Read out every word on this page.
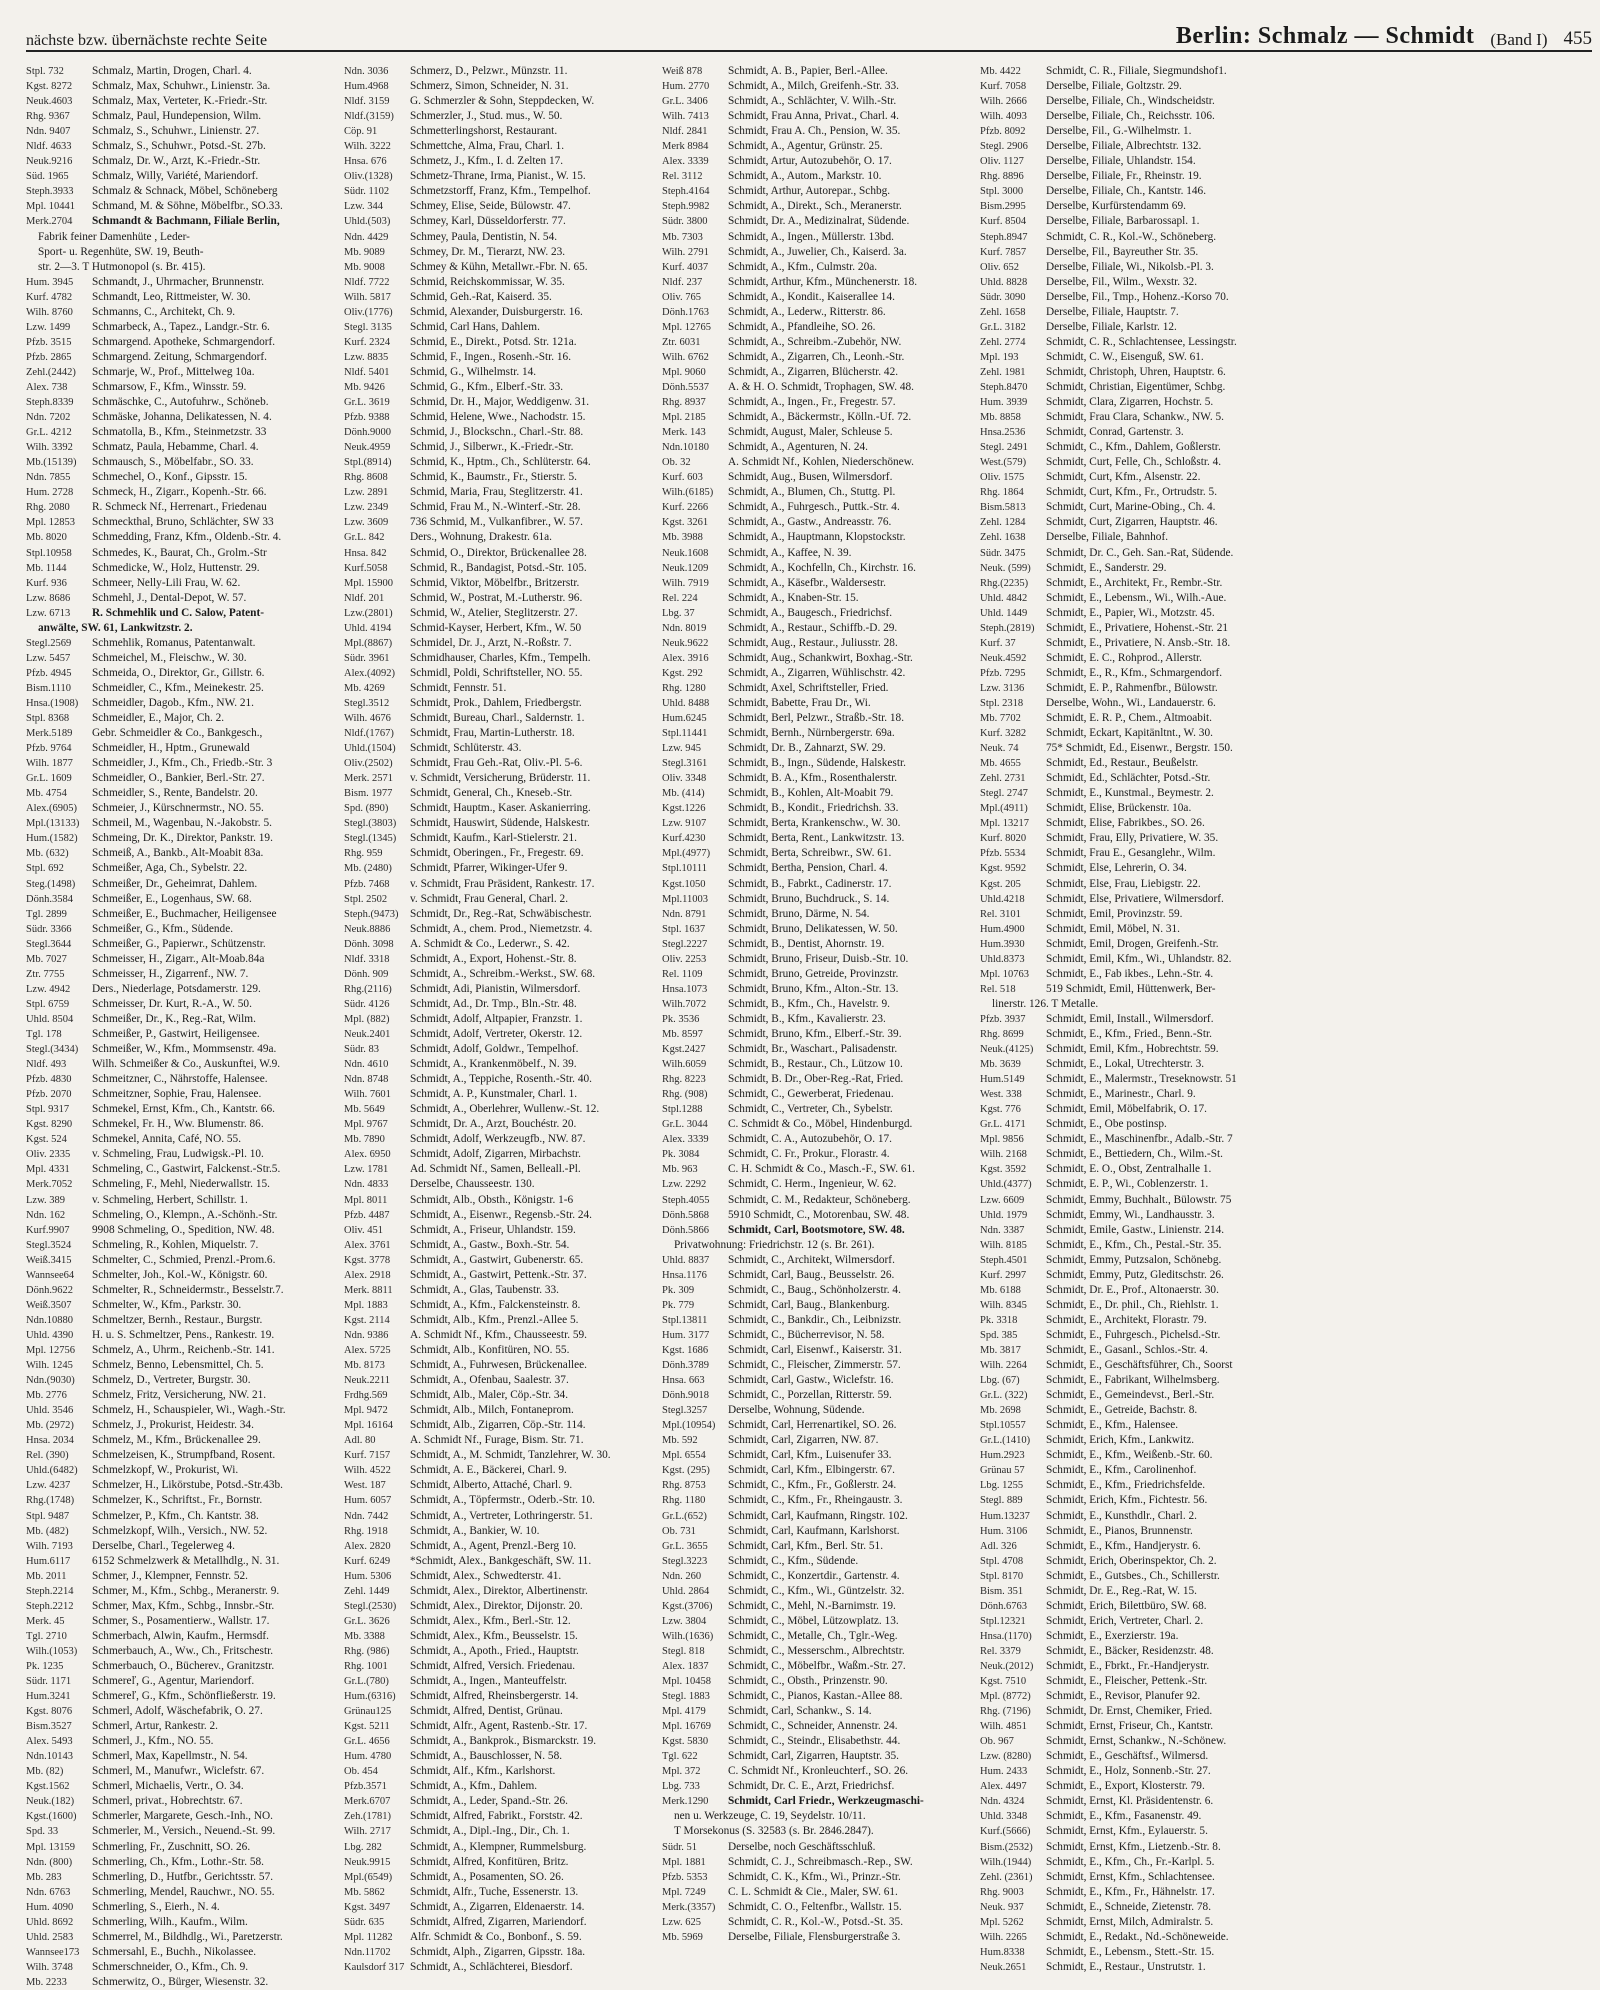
nächste bzw. übernächste rechte Seite	Berlin: Schmalz — Schmidt (Band I) 455
Stpl. 732 Schmalz, Martin, Drogen, Charl. 4.
Kgst. 8272 Schmalz, Max, Schuhwr., Linienstr. 3a.
Neuk.4603 Schmalz, Max, Verteter, K.-Friedr.-Str.
Rhg. 9367 Schmalz, Paul, Hundepension, Wilm.
Ndn. 9407 Schmalz, S., Schuhwr., Linienstr. 27.
Nldf. 4633 Schmalz, S., Schuhwr., Potsd.-St. 27b.
Neuk.9216 Schmalz, Dr. W., Arzt, K.-Friedr.-Str.
Süd. 1965 Schmalz, Willy, Variété, Mariendorf.
Steph.3933 Schmalz & Schnack, Möbel, Schöneberg
Mpl. 10441 Schmand, M. & Söhne, Möbelfbr., SO.33.
Merk.2704 Schmandt & Bachmann, Filiale Berlin,
Fabrik feiner Damenhüte , Leder-
Sport- u. Regenhüte, SW. 19, Beuth-
str. 2—3. T Hutmonopol (s. Br. 415).
Hum. 3945 Schmandt, J., Uhrmacher, Brunnenstr.
Kurf. 4782 Schmandt, Leo, Rittmeister, W. 30.
Wilh. 8760 Schmanns, C., Architekt, Ch. 9.
Lzw. 1499 Schmarbeck, A., Tapez., Landgr.-Str. 6.
Pfzb. 3515 Schmargend. Apotheke, Schmargendorf.
Pfzb. 2865 Schmargend. Zeitung, Schmargendorf.
Zehl.(2442) Schmarje, W., Prof., Mittelweg 10a.
Alex. 738 Schmarsow, F., Kfm., Winsstr. 59.
Steph.8339 Schmäschke, C., Autofuhrw., Schöneb.
Ndn. 7202 Schmäske, Johanna, Delikatessen, N. 4.
Gr.L. 4212 Schmatolla, B., Kfm., Steinmetzstr. 33
Wilh. 3392 Schmatz, Paula, Hebamme, Charl. 4.
Mb.(15139) Schmausch, S., Möbelfabr., SO. 33.
Ndn. 7855 Schmechel, O., Konf., Gipsstr. 15.
Hum. 2728 Schmeck, H., Zigarr., Kopenh.-Str. 66.
Rhg. 2080 R. Schmeck Nf., Herrenart., Friedenau
Mpl. 12853 Schmeckthal, Bruno, Schlächter, SW 33
Mb. 8020 Schmedding, Franz, Kfm., Oldenb.-Str. 4.
Stpl.10958 Schmedes, K., Baurat, Ch., Grolm.-Str
Mb. 1144 Schmedicke, W., Holz, Huttenstr. 29.
Kurf. 936 Schmeer, Nelly-Lili Frau, W. 62.
Lzw. 8686 Schmehl, J., Dental-Depot, W. 57.
Lzw. 6713 R. Schmehlik und C. Salow, Patent-
anwälte, SW. 61, Lankwitzstr. 2.
Stegl.2569 Schmehlik, Romanus, Patentanwalt.
Lzw. 5457 Schmeichel, M., Fleischw., W. 30.
Pfzb. 4945 Schmeida, O., Direktor, Gr., Gillstr. 6.
Bism.1110 Schmeidler, C., Kfm., Meinekestr. 25.
Hnsa.(1908) Schmeidler, Dagob., Kfm., NW. 21.
Stpl. 8368 Schmeidler, E., Major, Ch. 2.
Merk.5189 Gebr. Schmeidler & Co., Bankgesch.,
Pfzb. 9764 Schmeidler, H., Hptm., Grunewald
Wilh. 1877 Schmeidler, J., Kfm., Ch., Friedb.-Str. 3
Gr.L. 1609 Schmeidler, O., Bankier, Berl.-Str. 27.
Mb. 4754 Schmeidler, S., Rente, Bandelstr. 20.
Alex.(6905) Schmeier, J., Kürschnermstr., NO. 55.
Mpl.(13133) Schmeil, M., Wagenbau, N.-Jakobstr. 5.
Hum.(1582) Schmeing, Dr. K., Direktor, Pankstr. 19.
Mb. (632) Schmeiß, A., Bankb., Alt-Moabit 83a.
Stpl. 692 Schmeißer, Aga, Ch., Sybelstr. 22.
Steg.(1498) Schmeißer, Dr., Geheimrat, Dahlem.
Dönh.3584 Schmeißer, E., Logenhaus, SW. 68.
Tgl. 2899 Schmeißer, E., Buchmacher, Heiligensee
Südr. 3366 Schmeißer, G., Kfm., Südende.
Stegl.3644 Schmeißer, G., Papierwr., Schützenstr.
Mb. 7027 Schmeisser, H., Zigarr., Alt-Moab.84a
Ztr. 7755 Schmeisser, H., Zigarrenf., NW. 7.
Lzw. 4942 Ders., Niederlage, Potsdamerstr. 129.
Stpl. 6759 Schmeisser, Dr. Kurt, R.-A., W. 50.
Uhld. 8504 Schmeißer, Dr., K., Reg.-Rat, Wilm.
Tgl. 178	Schmeißer, P., Gastwirt, Heiligensee.
Stegl.(3434) Schmeißer, W., Kfm., Mommsenstr. 49a.
Nldf. 493 Wilh. Schmeißer & Co., Auskunftei, W.9.
Pfzb. 4830 Schmeitzner, C., Nährstoffe, Halensee.
Pfzb. 2070 Schmeitzner, Sophie, Frau, Halensee.
Stpl. 9317 Schmekel, Ernst, Kfm., Ch., Kantstr. 66.
Kgst. 8290 Schmekel, Fr. H., Ww. Blumenstr. 86.
Kgst. 524 Schmekel, Annita, Café, NO. 55.
Oliv. 2335 v. Schmeling, Frau, Ludwigsk.-Pl. 10.
Mpl. 4331 Schmeling, C., Gastwirt, Falckenst.-Str.5.
Merk.7052 Schmeling, F., Mehl, Niederwallstr. 15.
Lzw. 389 v. Schmeling, Herbert, Schillstr. 1.
Ndn. 162 Schmeling, O., Klempn., A.-Schönh.-Str.
Kurf.9907 9908 Schmeling, O., Spedition, NW. 48.
Stegl.3524 Schmeling, R., Kohlen, Miquelstr. 7.
Weiß.3415 Schmelter, C., Schmied, Prenzl.-Prom.6.
Wannsee64 Schmelter, Joh., Kol.-W., Königstr. 60.
Dönh.9622 Schmelter, R., Schneidermstr., Besselstr.7.
Weiß.3507 Schmelter, W., Kfm., Parkstr. 30.
Ndn.10880 Schmeltzer, Bernh., Restaur., Burgstr.
Uhld. 4390 H. u. S. Schmeltzer, Pens., Rankestr. 19.
Mpl. 12756 Schmelz, A., Uhrm., Reichenb.-Str. 141.
Wilh. 1245 Schmelz, Benno, Lebensmittel, Ch. 5.
Ndn.(9030) Schmelz, D., Vertreter, Burgstr. 30.
Mb. 2776 Schmelz, Fritz, Versicherung, NW. 21.
Uhld. 3546 Schmelz, H., Schauspieler, Wi., Wagh.-Str.
Mb. (2972) Schmelz, J., Prokurist, Heidestr. 34.
Hnsa. 2034 Schmelz, M., Kfm., Brückenallee 29.
Rel. (390) Schmelzeisen, K., Strumpfband, Rosent.
Uhld.(6482) Schmelzkopf, W., Prokurist, Wi.
Lzw. 4237 Schmelzer, H., Likörstube, Potsd.-Str.43b.
Rhg.(1748) Schmelzer, K., Schriftst., Fr., Bornstr.
Stpl. 9487 Schmelzer, P., Kfm., Ch. Kantstr. 38.
Mb. (482) Schmelzkopf, Wilh., Versich., NW. 52.
Wilh. 7193 Derselbe, Charl., Tegelerweg 4.
Hum.6117 6152 Schmelzwerk & Metallhdlg., N. 31.
Mb. 2011 Schmer, J., Klempner, Fennstr. 52.
Steph.2214 Schmer, M., Kfm., Schbg., Meranerstr. 9.
Steph.2212 Schmer, Max, Kfm., Schbg., Innsbr.-Str.
Merk. 45 Schmer, S., Posamentierw., Wallstr. 17.
Tgl. 2710 Schmerbach, Alwin, Kaufm., Hermsdf.
Wilh.(1053) Schmerbauch, A., Ww., Ch., Fritschestr.
Pk. 1235	Schmerbauch, O., Bücherev., Granitzstr.
Südr. 1171 Schmereľ, G., Agentur, Mariendorf.
Hum.3241 Schmereľ, G., Kfm., Schönfließerstr. 19.
Kgst. 8076 Schmerl, Adolf, Wäschefabrik, O. 27.
Bism.3527 Schmerl, Artur, Rankestr. 2.
Alex. 5493 Schmerl, J., Kfm., NO. 55.
Ndn.10143 Schmerl, Max, Kapellmstr., N. 54.
Mb. (82)	Schmerl, M., Manufwr., Wiclefstr. 67.
Kgst.1562 Schmerl, Michaelis, Vertr., O. 34.
Neuk.(182) Schmerl, privat., Hobrechtstr. 67.
Kgst.(1600) Schmerler, Margarete, Gesch.-Inh., NO.
Spd. 33	Schmerler, M., Versich., Neuend.-St. 99.
Mpl. 13159 Schmerling, Fr., Zuschnitt, SO. 26.
Ndn. (800) Schmerling, Ch., Kfm., Lothr.-Str. 58.
Mb. 283	Schmerling, D., Hutfbr., Gerichtsstr. 57.
Ndn. 6763 Schmerling, Mendel, Rauchwr., NO. 55.
Hum. 4090 Schmerling, S., Eierh., N. 4.
Uhld. 8692 Schmerling, Wilh., Kaufm., Wilm.
Uhld. 2583 Schmerrel, M., Bildhdlg., Wi., Paretzerstr.
Wannsee173 Schmersahl, E., Buchh., Nikolassee.
Wilh. 3748 Schmerschneider, O., Kfm., Ch. 9.
Mb. 2233 Schmerwitz, O., Bürger, Wiesenstr. 32.
Ndn. 3036 Schmerz, D., Pelzwr., Münzstr. 11.
Hum.4968 Schmerz, Simon, Schneider, N. 31.
Nldf. 3159 G. Schmerzler & Sohn, Steppdecken, W.
Nldf.(3159) Schmerzler, J., Stud. mus., W. 50.
Cöp. 91	Schmetterlingshorst, Restaurant.
Wilh. 3222 Schmettche, Alma, Frau, Charl. 1.
Hnsa. 676 Schmetz, J., Kfm., I. d. Zelten 17.
Oliv.(1328) Schmetz-Thrane, Irma, Pianist., W. 15.
Südr. 1102 Schmetzstorff, Franz, Kfm., Tempelhof.
Lzw. 344 Schmey, Elise, Seide, Bülowstr. 47.
Uhld.(503) Schmey, Karl, Düsseldorferstr. 77.
Ndn. 4429 Schmey, Paula, Dentistin, N. 54.
Mb. 9089 Schmey, Dr. M., Tierarzt, NW. 23.
Mb. 9008 Schmey & Kühn, Metallwr.-Fbr. N. 65.
Nldf. 7722 Schmid, Reichskommissar, W. 35.
Wilh. 5817 Schmid, Geh.-Rat, Kaiserd. 35.
Oliv.(1776) Schmid, Alexander, Duisburgerstr. 16.
Stegl. 3135 Schmid, Carl Hans, Dahlem.
Kurf. 2324 Schmid, E., Direkt., Potsd. Str. 121a.
Lzw. 8835 Schmid, F., Ingen., Rosenh.-Str. 16.
Nldf. 5401 Schmid, G., Wilhelmstr. 14.
Mb. 9426 Schmid, G., Kfm., Elberf.-Str. 33.
Gr.L. 3619 Schmid, Dr. H., Major, Weddigenw. 31.
Pfzb. 9388 Schmid, Helene, Wwe., Nachodstr. 15.
Dönh.9000 Schmid, J., Blockschn., Charl.-Str. 88.
Neuk.4959 Schmid, J., Silberwr., K.-Friedr.-Str.
Stpl.(8914) Schmid, K., Hptm., Ch., Schlüterstr. 64.
Rhg. 8608 Schmid, K., Baumstr., Fr., Stierstr. 5.
Lzw. 2891 Schmid, Maria, Frau, Steglitzerstr. 41.
Lzw. 2349 Schmid, Frau M., N.-Winterf.-Str. 28.
Lzw. 3609 736 Schmid, M., Vulkanfibrer., W. 57.
Gr.L. 842 Ders., Wohnung, Drakestr. 61a.
Hnsa. 842 Schmid, O., Direktor, Brückenallee 28.
Kurf.5058 Schmid, R., Bandagist, Potsd.-Str. 105.
Mpl. 15900 Schmid, Viktor, Möbelfbr., Britzerstr.
Nldf. 201 Schmid, W., Postrat, M.-Lutherstr. 96.
Lzw.(2801) Schmid, W., Atelier, Steglitzerstr. 27.
Uhld. 4194 Schmid-Kayser, Herbert, Kfm., W. 50
Mpl.(8867) Schmidel, Dr. J., Arzt, N.-Roßstr. 7.
Südr. 3961 Schmidhauser, Charles, Kfm., Tempelh.
Alex.(4092) Schmidl, Poldi, Schriftsteller, NO. 55.
Mb. 4269 Schmidt, Fennstr. 51.
Stegl.3512 Schmidt, Prok., Dahlem, Friedbergstr.
Wilh. 4676 Schmidt, Bureau, Charl., Saldernstr. 1.
Nldf.(1767) Schmidt, Frau, Martin-Lutherstr. 18.
Uhld.(1504) Schmidt, Schlüterstr. 43.
Oliv.(2502) Schmidt, Frau Geh.-Rat, Oliv.-Pl. 5-6.
Merk. 2571 v. Schmidt, Versicherung, Brüderstr. 11.
Bism. 1977 Schmidt, General, Ch., Kneseb.-Str.
Spd. (890) Schmidt, Hauptm., Kaser. Askanierring.
Stegl.(3803) Schmidt, Hauswirt, Südende, Halskestr.
Stegl.(1345) Schmidt, Kaufm., Karl-Stielerstr. 21.
Rhg. 959 Schmidt, Oberingen., Fr., Fregestr. 69.
Mb. (2480) Schmidt, Pfarrer, Wikinger-Ufer 9.
Pfzb. 7468 v. Schmidt, Frau Präsident, Rankestr. 17.
Stpl. 2502 v. Schmidt, Frau General, Charl. 2.
Steph.(9473) Schmidt, Dr., Reg.-Rat, Schwäbischestr.
Neuk.8886 Schmidt, A., chem. Prod., Niemetzstr. 4.
Dönh. 3098 A. Schmidt & Co., Lederwr., S. 42.
Nldf. 3318 Schmidt, A., Export, Hohenst.-Str. 8.
Dönh. 909 Schmidt, A., Schreibm.-Werkst., SW. 68.
Rhg.(2116) Schmidt, Adi, Pianistin, Wilmersdorf.
Südr. 4126 Schmidt, Ad., Dr. Tmp., Bln.-Str. 48.
Mpl. (882) Schmidt, Adolf, Altpapier, Franzstr. 1.
Neuk.2401 Schmidt, Adolf, Vertreter, Okerstr. 12.
Südr. 83	Schmidt, Adolf, Goldwr., Tempelhof.
Ndn. 4610 Schmidt, A., Krankenmöbelf., N. 39.
Ndn. 8748 Schmidt, A., Teppiche, Rosenth.-Str. 40.
Wilh. 7601 Schmidt, A. P., Kunstmaler, Charl. 1.
Mb. 5649 Schmidt, A., Oberlehrer, Wullenw.-St. 12.
Mpl. 9767 Schmidt, Dr. A., Arzt, Bouchéstr. 20.
Mb. 7890 Schmidt, Adolf, Werkzeugfb., NW. 87.
Alex. 6950 Schmidt, Adolf, Zigarren, Mirbachstr.
Lzw. 1781 Ad. Schmidt Nf., Samen, Belleall.-Pl.
Ndn. 4833 Derselbe, Chausseestr. 130.
Mpl. 8011 Schmidt, Alb., Obsth., Königstr. 1-6
Pfzb. 4487 Schmidt, A., Eisenwr., Regensb.-Str. 24.
Oliv. 451 Schmidt, A., Friseur, Uhlandstr. 159.
Alex. 3761 Schmidt, A., Gastw., Boxh.-Str. 54.
Kgst. 3778 Schmidt, A., Gastwirt, Gubenerstr. 65.
Alex. 2918 Schmidt, A., Gastwirt, Pettenk.-Str. 37.
Merk. 8811 Schmidt, A., Glas, Taubenstr. 33.
Mpl. 1883 Schmidt, A., Kfm., Falckensteinstr. 8.
Kgst. 2114 Schmidt, Alb., Kfm., Prenzl.-Allee 5.
Ndn. 9386 A. Schmidt Nf., Kfm., Chausseestr. 59.
Alex. 5725 Schmidt, Alb., Konfitüren, NO. 55.
Mb. 8173 Schmidt, A., Fuhrwesen, Brückenallee.
Neuk.2211 Schmidt, A., Ofenbau, Saalestr. 37.
Frdhg.569 Schmidt, Alb., Maler, Cöp.-Str. 34.
Mpl. 9472 Schmidt, Alb., Milch, Fontaneprom.
Mpl. 16164 Schmidt, Alb., Zigarren, Cöp.-Str. 114.
Adl. 80	A. Schmidt Nf., Furage, Bism. Str. 71.
Kurf. 7157 Schmidt, A., M. Schmidt, Tanzlehrer, W. 30.
Wilh. 4522 Schmidt, A. E., Bäckerei, Charl. 9.
West. 187 Schmidt, Alberto, Attaché, Charl. 9.
Hum. 6057 Schmidt, A., Töpfermstr., Oderb.-Str. 10.
Ndn. 7442 Schmidt, A., Vertreter, Lothringerstr. 51.
Rhg. 1918 Schmidt, A., Bankier, W. 10.
Alex. 2820 Schmidt, A., Agent, Prenzl.-Berg 10.
Kurf. 6249 *Schmidt, Alex., Bankgeschäft, SW. 11.
Hum. 5306 Schmidt, Alex., Schwedterstr. 41.
Zehl. 1449 Schmidt, Alex., Direktor, Albertinenstr.
Stegl.(2530) Schmidt, Alex., Direktor, Dijonstr. 20.
Gr.L. 3626 Schmidt, Alex., Kfm., Berl.-Str. 12.
Mb. 3388 Schmidt, Alex., Kfm., Beusselstr. 15.
Rhg. (986) Schmidt, A., Apoth., Fried., Hauptstr.
Rhg. 1001 Schmidt, Alfred, Versich. Friedenau.
Gr.L.(780) Schmidt, A., Ingen., Manteuffelstr.
Hum.(6316) Schmidt, Alfred, Rheinsbergerstr. 14.
Grünau125 Schmidt, Alfred, Dentist, Grünau.
Kgst. 5211 Schmidt, Alfr., Agent, Rastenb.-Str. 17.
Gr.L. 4656 Schmidt, A., Bankprok., Bismarckstr. 19.
Hum. 4780 Schmidt, A., Bauschlosser, N. 58.
Ob. 454	Schmidt, Alf., Kfm., Karlshorst.
Pfzb.3571 Schmidt, A., Kfm., Dahlem.
Merk.6707 Schmidt, A., Leder, Spand.-Str. 26.
Zeh.(1781) Schmidt, Alfred, Fabrikt., Forststr. 42.
Wilh. 2717 Schmidt, A., Dipl.-Ing., Dir., Ch. 1.
Lbg. 282 Schmidt, A., Klempner, Rummelsburg.
Neuk.9915 Schmidt, Alfred, Konfitüren, Britz.
Mpl.(6549) Schmidt, A., Posamenten, SO. 26.
Mb. 5862 Schmidt, Alfr., Tuche, Essenerstr. 13.
Kgst. 3497 Schmidt, A., Zigarren, Eldenaerstr. 14.
Südr. 635 Schmidt, Alfred, Zigarren, Mariendorf.
Mpl. 11282 Alfr. Schmidt & Co., Bonbonf., S. 59.
Ndn.11702 Schmidt, Alph., Zigarren, Gipsstr. 18a.
Kaulsdorf 317 Schmidt, A., Schlächterei, Biesdorf.
Weiß 878 Schmidt, A. B., Papier, Berl.-Allee.
Hum. 2770 Schmidt, A., Milch, Greifenh.-Str. 33.
Gr.L. 3406 Schmidt, A., Schlächter, V. Wilh.-Str.
Wilh. 7413 Schmidt, Frau Anna, Privat., Charl. 4.
Nldf. 2841 Schmidt, Frau A. Ch., Pension, W. 35.
Merk 8984 Schmidt, A., Agentur, Grünstr. 25.
Alex. 3339 Schmidt, Artur, Autozubehör, O. 17.
Rel. 3112 Schmidt, A., Autom., Markstr. 10.
Steph.4164 Schmidt, Arthur, Autorepar., Schbg.
Steph.9982 Schmidt, A., Direkt., Sch., Meranerstr.
Südr. 3800 Schmidt, Dr. A., Medizinalrat, Südende.
Mb. 7303 Schmidt, A., Ingen., Müllerstr. 13bd.
Wilh. 2791 Schmidt, A., Juwelier, Ch., Kaiserd. 3a.
Kurf. 4037 Schmidt, A., Kfm., Culmstr. 20a.
Nldf. 237 Schmidt, Arthur, Kfm., Münchenerstr. 18.
Oliv. 765 Schmidt, A., Kondit., Kaiserallee 14.
Dönh.1763 Schmidt, A., Lederw., Ritterstr. 86.
Mpl. 12765 Schmidt, A., Pfandleihe, SO. 26.
Ztr. 6031 Schmidt, A., Schreibm.-Zubehör, NW.
Wilh. 6762 Schmidt, A., Zigarren, Ch., Leonh.-Str.
Mpl. 9060 Schmidt, A., Zigarren, Blücherstr. 42.
Dönh.5537 A. & H. O. Schmidt, Trophagen, SW. 48.
Rhg. 8937 Schmidt, A., Ingen., Fr., Fregestr. 57.
Mpl. 2185 Schmidt, A., Bäckermstr., Kölln.-Uf. 72.
Merk. 143 Schmidt, August, Maler, Schleuse 5.
Ndn.10180 Schmidt, A., Agenturen, N. 24.
Ob. 32	A. Schmidt Nf., Kohlen, Niederschönew.
Kurf. 603 Schmidt, Aug., Busen, Wilmersdorf.
Wilh.(6185) Schmidt, A., Blumen, Ch., Stuttg. Pl.
Kurf. 2266 Schmidt, A., Fuhrgesch., Puttk.-Str. 4.
Kgst. 3261 Schmidt, A., Gastw., Andreasstr. 76.
Mb. 3988 Schmidt, A., Hauptmann, Klopstockstr.
Neuk.1608 Schmidt, A., Kaffee, N. 39.
Neuk.1209 Schmidt, A., Kochfelln, Ch., Kirchstr. 16.
Wilh. 7919 Schmidt, A., Käsefbr., Waldersestr.
Rel. 224	Schmidt, A., Knaben-Str. 15.
Lbg. 37	Schmidt, A., Baugesch., Friedrichsf.
Ndn. 8019 Schmidt, A., Restaur., Schiffb.-D. 29.
Neuk.9622 Schmidt, Aug., Restaur., Juliusstr. 28.
Alex. 3916 Schmidt, Aug., Schankwirt, Boxhag.-Str.
Kgst. 292 Schmidt, A., Zigarren, Wühlischstr. 42.
Rhg. 1280 Schmidt, Axel, Schriftsteller, Fried.
Uhld. 8488 Schmidt, Babette, Frau Dr., Wi.
Hum.6245 Schmidt, Berl, Pelzwr., Straßb.-Str. 18.
Stpl.11441 Schmidt, Bernh., Nürnbergerstr. 69a.
Lzw. 945 Schmidt, Dr. B., Zahnarzt, SW. 29.
Stegl.3161 Schmidt, B., Ingn., Südende, Halskestr.
Oliv. 3348 Schmidt, B. A., Kfm., Rosenthalerstr.
Mb. (414) Schmidt, B., Kohlen, Alt-Moabit 79.
Kgst.1226 Schmidt, B., Kondit., Friedrichsh. 33.
Lzw. 9107 Schmidt, Berta, Krankenschw., W. 30.
Kurf.4230 Schmidt, Berta, Rent., Lankwitzstr. 13.
Mpl.(4977) Schmidt, Berta, Schreibwr., SW. 61.
Stpl.10111 Schmidt, Bertha, Pension, Charl. 4.
Kgst.1050 Schmidt, B., Fabrkt., Cadinerstr. 17.
Mpl.11003 Schmidt, Bruno, Buchdruck., S. 14.
Ndn. 8791 Schmidt, Bruno, Därme, N. 54.
Stpl. 1637 Schmidt, Bruno, Delikatessen, W. 50.
Stegl.2227 Schmidt, B., Dentist, Ahornstr. 19.
Oliv. 2253 Schmidt, Bruno, Friseur, Duisb.-Str. 10.
Rel. 1109 Schmidt, Bruno, Getreide, Provinzstr.
Hnsa.1073 Schmidt, Bruno, Kfm., Alton.-Str. 13.
Wilh.7072 Schmidt, B., Kfm., Ch., Havelstr. 9.
Pk. 3536	Schmidt, B., Kfm., Kavalierstr. 23.
Mb. 8597 Schmidt, Bruno, Kfm., Elberf.-Str. 39.
Kgst.2427 Schmidt, Br., Waschart., Palisadenstr.
Wilh.6059 Schmidt, B., Restaur., Ch., Lützow 10.
Rhg. 8223 Schmidt, B. Dr., Ober-Reg.-Rat, Fried.
Rhg. (908) Schmidt, C., Gewerberat, Friedenau.
Stpl.1288 Schmidt, C., Vertreter, Ch., Sybelstr.
Gr.L. 3044 C. Schmidt & Co., Möbel, Hindenburgd.
Alex. 3339 Schmidt, C. A., Autozubehör, O. 17.
Pk. 3084	Schmidt, C. Fr., Prokur., Florastr. 4.
Mb. 963	C. H. Schmidt & Co., Masch.-F., SW. 61.
Lzw. 2292 Schmidt, C. Herm., Ingenieur, W. 62.
Steph.4055 Schmidt, C. M., Redakteur, Schöneberg.
Dönh.5868 5910 Schmidt, C., Motorenbau, SW. 48.
Dönh.5866 Schmidt, Carl, Bootsmotore, SW. 48.
Privatwohnung: Friedrichstr. 12 (s. Br. 261).
Uhld. 8837 Schmidt, C., Architekt, Wilmersdorf.
Hnsa.1176 Schmidt, Carl, Baug., Beusselstr. 26.
Pk. 309	Schmidt, C., Baug., Schönholzerstr. 4.
Pk. 779	Schmidt, Carl, Baug., Blankenburg.
Stpl.13811 Schmidt, C., Bankdir., Ch., Leibnizstr.
Hum. 3177 Schmidt, C., Bücherrevisor, N. 58.
Kgst. 1686 Schmidt, Carl, Eisenwf., Kaiserstr. 31.
Dönh.3789 Schmidt, C., Fleischer, Zimmerstr. 57.
Hnsa. 663 Schmidt, Carl, Gastw., Wiclefstr. 16.
Dönh.9018 Schmidt, C., Porzellan, Ritterstr. 59.
Stegl.3257 Derselbe, Wohnung, Südende.
Mpl.(10954) Schmidt, Carl, Herrenartikel, SO. 26.
Mb. 592	Schmidt, Carl, Zigarren, NW. 87.
Mpl. 6554 Schmidt, Carl, Kfm., Luisenufer 33.
Kgst. (295) Schmidt, Carl, Kfm., Elbingerstr. 67.
Rhg. 8753 Schmidt, C., Kfm., Fr., Goßlerstr. 24.
Rhg. 1180 Schmidt, C., Kfm., Fr., Rheingaustr. 3.
Gr.L.(652) Schmidt, Carl, Kaufmann, Ringstr. 102.
Ob. 731	Schmidt, Carl, Kaufmann, Karlshorst.
Gr.L. 3655 Schmidt, Carl, Kfm., Berl. Str. 51.
Stegl.3223 Schmidt, C., Kfm., Südende.
Ndn. 260 Schmidt, C., Konzertdir., Gartenstr. 4.
Uhld. 2864 Schmidt, C., Kfm., Wi., Güntzelstr. 32.
Kgst.(3706) Schmidt, C., Mehl, N.-Barnimstr. 19.
Lzw. 3804 Schmidt, C., Möbel, Lützowplatz. 13.
Wilh.(1636) Schmidt, C., Metalle, Ch., Tglr.-Weg.
Stegl. 818 Schmidt, C., Messerschm., Albrechtstr.
Alex. 1837 Schmidt, C., Möbelfbr., Waßm.-Str. 27.
Mpl. 10458 Schmidt, C., Obsth., Prinzenstr. 90.
Stegl. 1883 Schmidt, C., Pianos, Kastan.-Allee 88.
Mpl. 4179 Schmidt, Carl, Schankw., S. 14.
Mpl. 16769 Schmidt, C., Schneider, Annenstr. 24.
Kgst. 5830 Schmidt, C., Steindr., Elisabethstr. 44.
Tgl. 622	Schmidt, Carl, Zigarren, Hauptstr. 35.
Mpl. 372 C. Schmidt Nf., Kronleuchterf., SO. 26.
Lbg. 733 Schmidt, Dr. C. E., Arzt, Friedrichsf.
Merk.1290 Schmidt, Carl Friedr., Werkzeugmaschi-
nen u. Werkzeuge, C. 19, Seydelstr. 10/11.
T Morsekonus (S. 32583 (s. Br. 2846.2847).
Südr. 51	Derselbe, noch Geschäftsschluß.
Mpl. 1881 Schmidt, C. J., Schreibmasch.-Rep., SW.
Pfzb. 5353 Schmidt, C. K., Kfm., Wi., Prinzr.-Str.
Mpl. 7249 C. L. Schmidt & Cie., Maler, SW. 61.
Merk.(3357) Schmidt, C. O., Feltenfbr., Wallstr. 15.
Lzw. 625 Schmidt, C. R., Kol.-W., Potsd.-St. 35.
Mb. 5969 Derselbe, Filiale, Flensburgerstraße 3.
Mb. 4422 Schmidt, C. R., Filiale, Siegmundshof1.
Kurf. 7058 Derselbe, Filiale, Goltzstr. 29.
Wilh. 2666 Derselbe, Filiale, Ch., Windscheidstr.
Wilh. 4093 Derselbe, Filiale, Ch., Reichsstr. 106.
Pfzb. 8092 Derselbe, Fil., G.-Wilhelmstr. 1.
Stegl. 2906 Derselbe, Filiale, Albrechtstr. 132.
Oliv. 1127 Derselbe, Filiale, Uhlandstr. 154.
Rhg. 8896 Derselbe, Filiale, Fr., Rheinstr. 19.
Stpl. 3000 Derselbe, Filiale, Ch., Kantstr. 146.
Bism.2995 Derselbe, Kurfürstendamm 69.
Kurf. 8504 Derselbe, Filiale, Barbarossapl. 1.
Steph.8947 Schmidt, C. R., Kol.-W., Schöneberg.
Kurf. 7857 Derselbe, Fil., Bayreuther Str. 35.
Oliv. 652 Derselbe, Filiale, Wi., Nikolsb.-Pl. 3.
Uhld. 8828 Derselbe, Fil., Wilm., Wexstr. 32.
Südr. 3090 Derselbe, Fil., Tmp., Hohenz.-Korso 70.
Zehl. 1658 Derselbe, Filiale, Hauptstr. 7.
Gr.L. 3182 Derselbe, Filiale, Karlstr. 12.
Zehl. 2774 Schmidt, C. R., Schlachtensee, Lessingstr.
Mpl. 193 Schmidt, C. W., Eisenguß, SW. 61.
Zehl. 1981 Schmidt, Christoph, Uhren, Hauptstr. 6.
Steph.8470 Schmidt, Christian, Eigentümer, Schbg.
Hum. 3939 Schmidt, Clara, Zigarren, Hochstr. 5.
Mb. 8858 Schmidt, Frau Clara, Schankw., NW. 5.
Hnsa.2536 Schmidt, Conrad, Gartenstr. 3.
Stegl. 2491 Schmidt, C., Kfm., Dahlem, Goßlerstr.
West.(579) Schmidt, Curt, Felle, Ch., Schloßstr. 4.
Oliv. 1575 Schmidt, Curt, Kfm., Alsenstr. 22.
Rhg. 1864 Schmidt, Curt, Kfm., Fr., Ortrudstr. 5.
Bism.5813 Schmidt, Curt, Marine-Obing., Ch. 4.
Zehl. 1284 Schmidt, Curt, Zigarren, Hauptstr. 46.
Zehl. 1638 Derselbe, Filiale, Bahnhof.
Südr. 3475 Schmidt, Dr. C., Geh. San.-Rat, Südende.
Neuk. (599) Schmidt, E., Sanderstr. 29.
Rhg.(2235) Schmidt, E., Architekt, Fr., Rembr.-Str.
Uhld. 4842 Schmidt, E., Lebensm., Wi., Wilh.-Aue.
Uhld. 1449 Schmidt, E., Papier, Wi., Motzstr. 45.
Steph.(2819) Schmidt, E., Privatiere, Hohenst.-Str. 21
Kurf. 37	Schmidt, E., Privatiere, N. Ansb.-Str. 18.
Neuk.4592 Schmidt, E. C., Rohprod., Allerstr.
Pfzb. 7295 Schmidt, E., R., Kfm., Schmargendorf.
Lzw. 3136 Schmidt, E. P., Rahmenfbr., Bülowstr.
Stpl. 2318 Derselbe, Wohn., Wi., Landauerstr. 6.
Mb. 7702 Schmidt, E. R. P., Chem., Altmoabit.
Kurf. 3282 Schmidt, Eckart, Kapitänltnt., W. 30.
Neuk. 74 75* Schmidt, Ed., Eisenwr., Bergstr. 150.
Mb. 4655 Schmidt, Ed., Restaur., Beußelstr.
Zehl. 2731 Schmidt, Ed., Schlächter, Potsd.-Str.
Stegl. 2747 Schmidt, E., Kunstmal., Beymestr. 2.
Mpl.(4911) Schmidt, Elise, Brückenstr. 10a.
Mpl. 13217 Schmidt, Elise, Fabrikbes., SO. 26.
Kurf. 8020 Schmidt, Frau, Elly, Privatiere, W. 35.
Pfzb. 5534 Schmidt, Frau E., Gesanglehr., Wilm.
Kgst. 9592 Schmidt, Else, Lehrerin, O. 34.
Kgst. 205 Schmidt, Else, Frau, Liebigstr. 22.
Uhld.4218 Schmidt, Else, Privatiere, Wilmersdorf.
Rel. 3101 Schmidt, Emil, Provinzstr. 59.
Hum.4900 Schmidt, Emil, Möbel, N. 31.
Hum.3930 Schmidt, Emil, Drogen, Greifenh.-Str.
Uhld.8373 Schmidt, Emil, Kfm., Wi., Uhlandstr. 82.
Mpl. 10763 Schmidt, E., Fab ikbes., Lehn.-Str. 4.
Rel. 518	519 Schmidt, Emil, Hüttenwerk, Ber-
linerstr. 126. T Metalle.
Pfzb. 3937 Schmidt, Emil, Install., Wilmersdorf.
Rhg. 8699 Schmidt, E., Kfm., Fried., Benn.-Str.
Neuk.(4125) Schmidt, Emil, Kfm., Hobrechtstr. 59.
Mb. 3639 Schmidt, E., Lokal, Utrechterstr. 3.
Hum.5149 Schmidt, E., Malermstr., Treseknowstr. 51
West. 338 Schmidt, E., Marinestr., Charl. 9.
Kgst. 776 Schmidt, Emil, Möbelfabrik, O. 17.
Gr.L. 4171 Schmidt, E., Obe postinsp.
Mpl. 9856 Schmidt, E., Maschinenfbr., Adalb.-Str. 7
Wilh. 2168 Schmidt, E., Bettiedern, Ch., Wilm.-St.
Kgst. 3592 Schmidt, E. O., Obst, Zentralhalle 1.
Uhld.(4377) Schmidt, E. P., Wi., Coblenzerstr. 1.
Lzw. 6609 Schmidt, Emmy, Buchhalt., Bülowstr. 75
Uhld. 1979 Schmidt, Emmy, Wi., Landhausstr. 3.
Ndn. 3387 Schmidt, Emile, Gastw., Linienstr. 214.
Wilh. 8185 Schmidt, E., Kfm., Ch., Pestal.-Str. 35.
Steph.4501 Schmidt, Emmy, Putzsalon, Schönebg.
Kurf. 2997 Schmidt, Emmy, Putz, Gleditschstr. 26.
Mb. 6188 Schmidt, Dr. E., Prof., Altonaerstr. 30.
Wilh. 8345 Schmidt, E., Dr. phil., Ch., Riehlstr. 1.
Pk. 3318	Schmidt, E., Architekt, Florastr. 79.
Spd. 385	Schmidt, E., Fuhrgesch., Pichelsd.-Str.
Mb. 3817 Schmidt, E., Gasanl., Schlos.-Str. 4.
Wilh. 2264 Schmidt, E., Geschäftsführer, Ch., Soorst
Lbg. (67) Schmidt, E., Fabrikant, Wilhelmsberg.
Gr.L. (322) Schmidt, E., Gemeindevst., Berl.-Str.
Mb. 2698 Schmidt, E., Getreide, Bachstr. 8.
Stpl.10557 Schmidt, E., Kfm., Halensee.
Gr.L.(1410) Schmidt, Erich, Kfm., Lankwitz.
Hum.2923 Schmidt, E., Kfm., Weißenb.-Str. 60.
Grünau 57 Schmidt, E., Kfm., Carolinenhof.
Lbg. 1255 Schmidt, E., Kfm., Friedrichsfelde.
Stegl. 889 Schmidt, Erich, Kfm., Fichtestr. 56.
Hum.13237 Schmidt, E., Kunsthdlr., Charl. 2.
Hum. 3106 Schmidt, E., Pianos, Brunnenstr.
Adl. 326	Schmidt, E., Kfm., Handjerystr. 6.
Stpl. 4708 Schmidt, Erich, Oberinspektor, Ch. 2.
Stpl. 8170 Schmidt, E., Gutsbes., Ch., Schillerstr.
Bism. 351 Schmidt, Dr. E., Reg.-Rat, W. 15.
Dönh.6763 Schmidt, Erich, Bilettbüro, SW. 68.
Stpl.12321 Schmidt, Erich, Vertreter, Charl. 2.
Hnsa.(1170) Schmidt, E., Exerzierstr. 19a.
Rel. 3379 Schmidt, E., Bäcker, Residenzstr. 48.
Neuk.(2012) Schmidt, E., Fbrkt., Fr.-Handjerystr.
Kgst. 7510 Schmidt, E., Fleischer, Pettenk.-Str.
Mpl. (8772) Schmidt, E., Revisor, Planufer 92.
Rhg. (7196) Schmidt, Dr. Ernst, Chemiker, Fried.
Wilh. 4851 Schmidt, Ernst, Friseur, Ch., Kantstr.
Ob. 967	Schmidt, Ernst, Schankw., N.-Schönew.
Lzw. (8280) Schmidt, E., Geschäftsf., Wilmersd.
Hum. 2433 Schmidt, E., Holz, Sonnenb.-Str. 27.
Alex. 4497 Schmidt, E., Export, Klosterstr. 79.
Ndn. 4324 Schmidt, Ernst, Kl. Präsidentenstr. 6.
Uhld. 3348 Schmidt, E., Kfm., Fasanenstr. 49.
Kurf.(5666) Schmidt, Ernst, Kfm., Eylauerstr. 5.
Bism.(2532) Schmidt, Ernst, Kfm., Lietzenb.-Str. 8.
Wilh.(1944) Schmidt, E., Kfm., Ch., Fr.-Karlpl. 5.
Zehl. (2361) Schmidt, Ernst, Kfm., Schlachtensee.
Rhg. 9003 Schmidt, E., Kfm., Fr., Hähnelstr. 17.
Neuk. 937 Schmidt, E., Schneide, Zietenstr. 78.
Mpl. 5262 Schmidt, Ernst, Milch, Admiralstr. 5.
Wilh. 2265 Schmidt, E., Redakt., Nd.-Schöneweide.
Hum.8338 Schmidt, E., Lebensm., Stett.-Str. 15.
Neuk.2651 Schmidt, E., Restaur., Unstrutstr. 1.
